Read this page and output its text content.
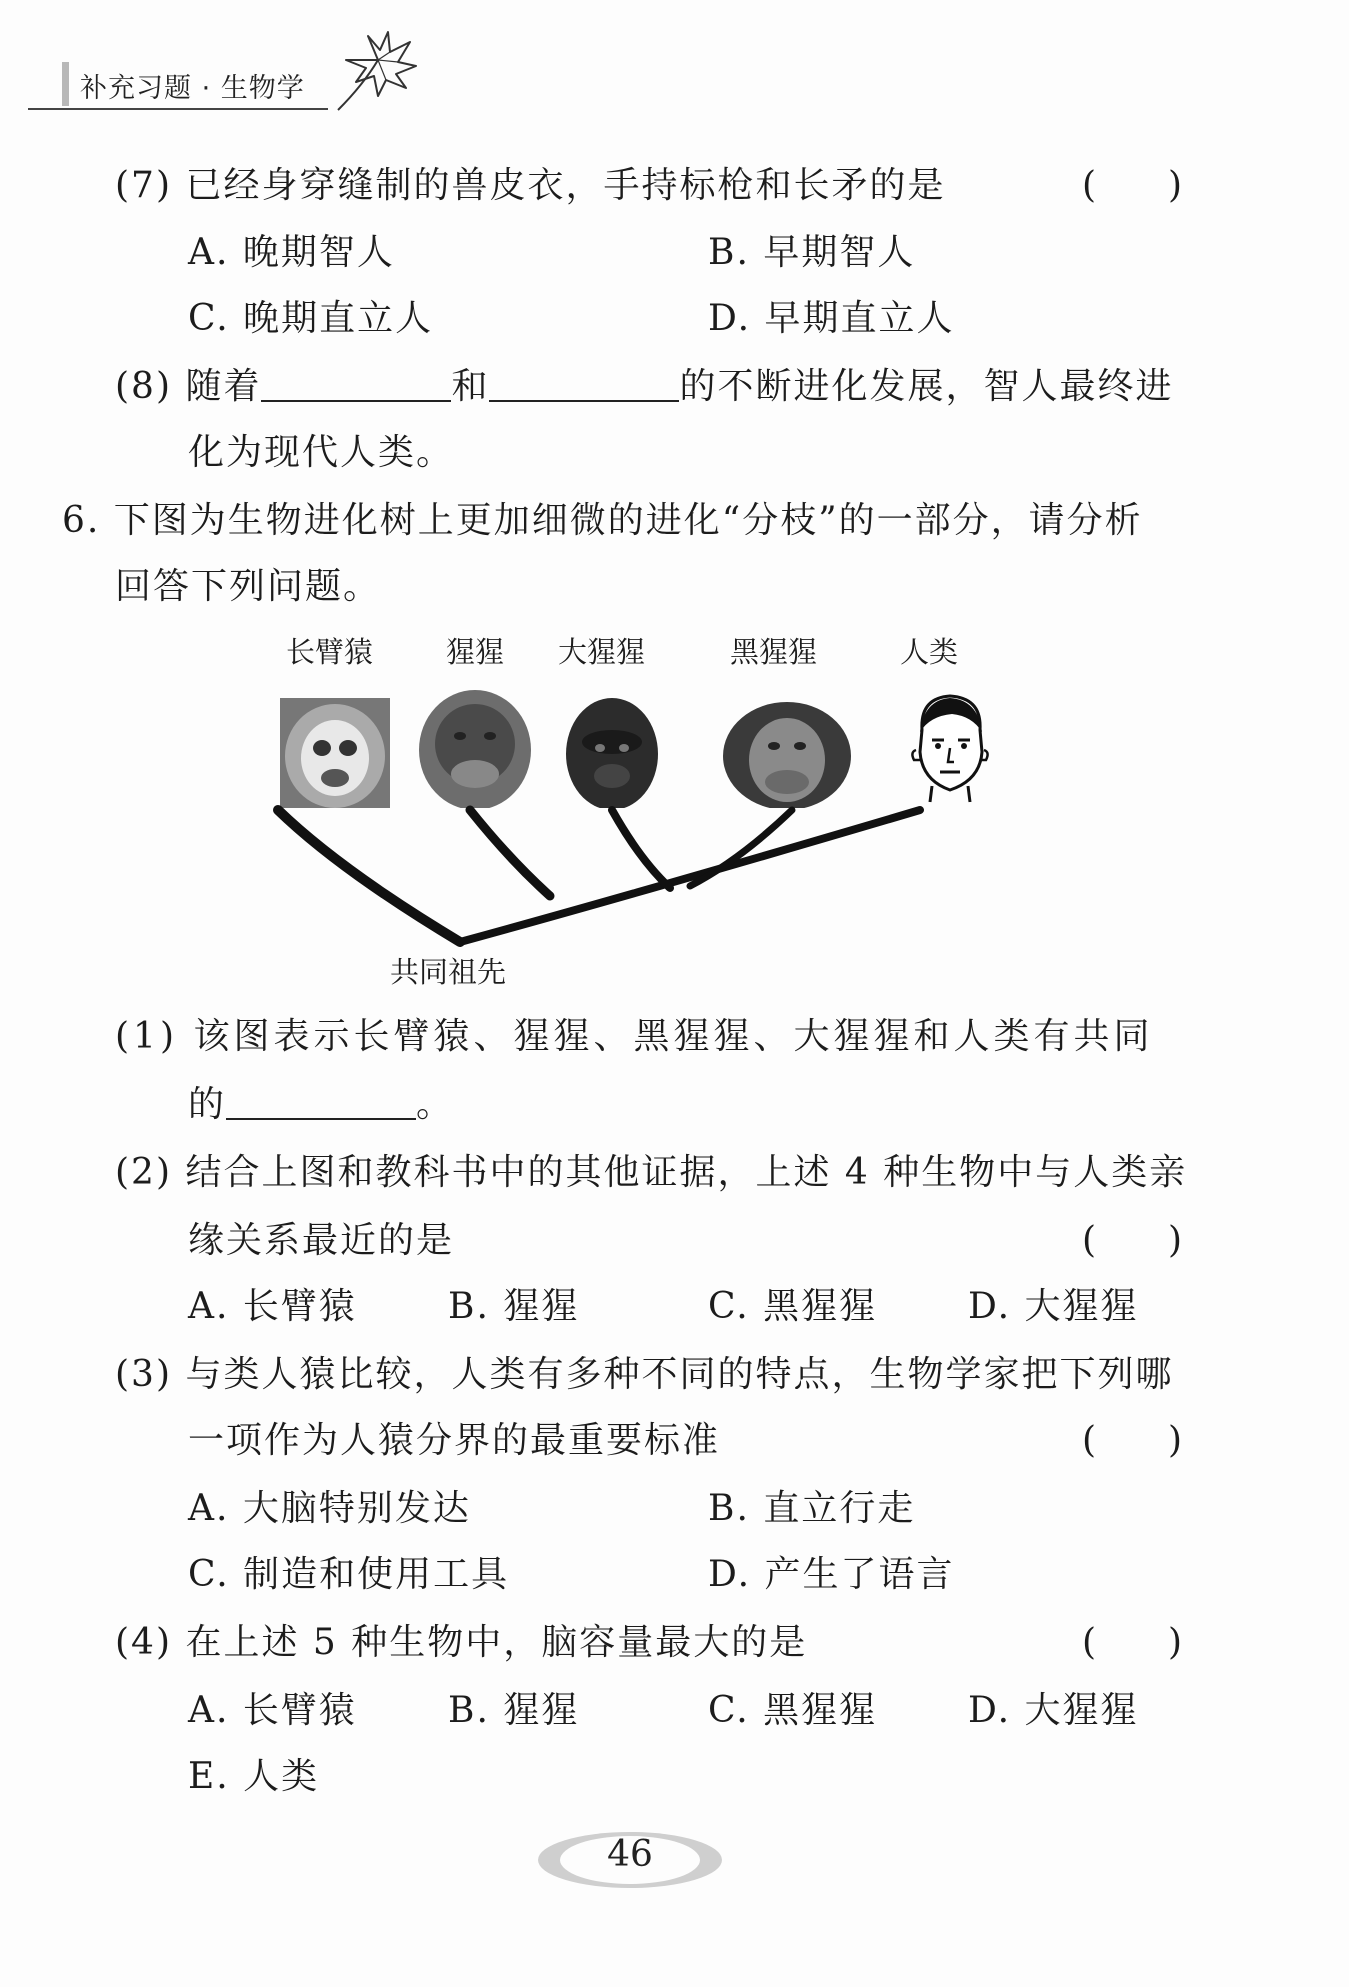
补充习题 · 生物学
(7) 已经身穿缝制的兽皮衣，手持标枪和长矛的是	(　　)
A. 晚期智人	B. 早期智人
C. 晚期直立人	D. 早期直立人
(8) 随着	和	的不断进化发展，智人最终进
化为现代人类。
6. 下图为生物进化树上更加细微的进化“分枝”的一部分，请分析
回答下列问题。
长臂猿	猩猩 大猩猩	黑猩猩	人类
共同祖先
(1) 该图表示长臂猿、猩猩、黑猩猩、大猩猩和人类有共同
的	。
(2) 结合上图和教科书中的其他证据，上述 4 种生物中与人类亲
缘关系最近的是	(　　)
A. 长臂猿	B. 猩猩	C. 黑猩猩	D. 大猩猩
(3) 与类人猿比较，人类有多种不同的特点，生物学家把下列哪
一项作为人猿分界的最重要标准	(　　)
A. 大脑特别发达	B. 直立行走
C. 制造和使用工具	D. 产生了语言
(4) 在上述 5 种生物中，脑容量最大的是	(　　)
A. 长臂猿	B. 猩猩	C. 黑猩猩	D. 大猩猩
E. 人类
46
